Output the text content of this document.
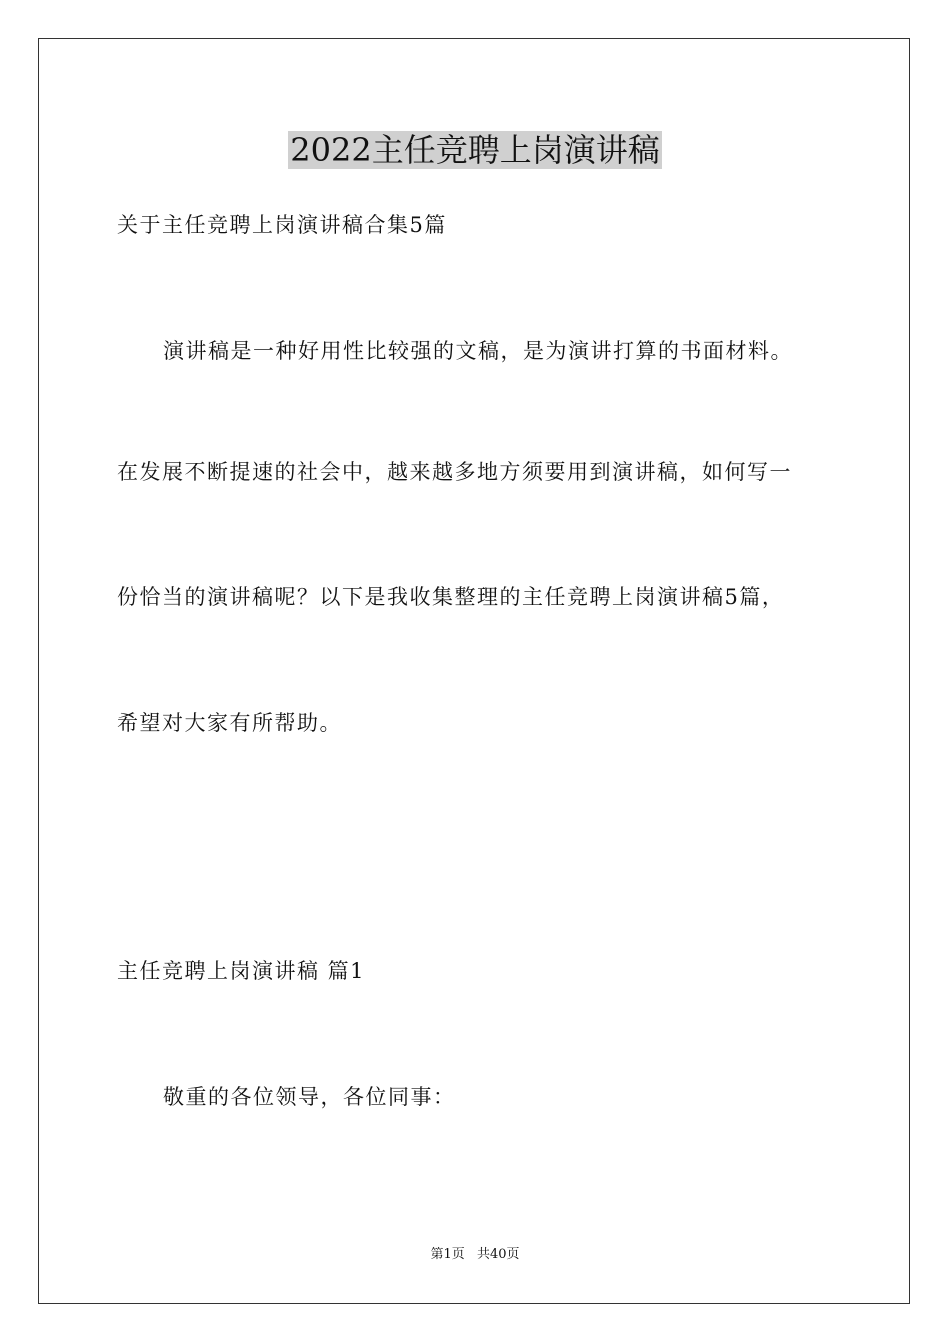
2022主任竞聘上岗演讲稿

关于主任竞聘上岗演讲稿合集5篇

演讲稿是一种好用性比较强的文稿，是为演讲打算的书面材料。

在发展不断提速的社会中，越来越多地方须要用到演讲稿，如何写一

份恰当的演讲稿呢？以下是我收集整理的主任竞聘上岗演讲稿5篇，

希望对大家有所帮助。

主任竞聘上岗演讲稿 篇1

敬重的各位领导，各位同事：

第1页 共40页
